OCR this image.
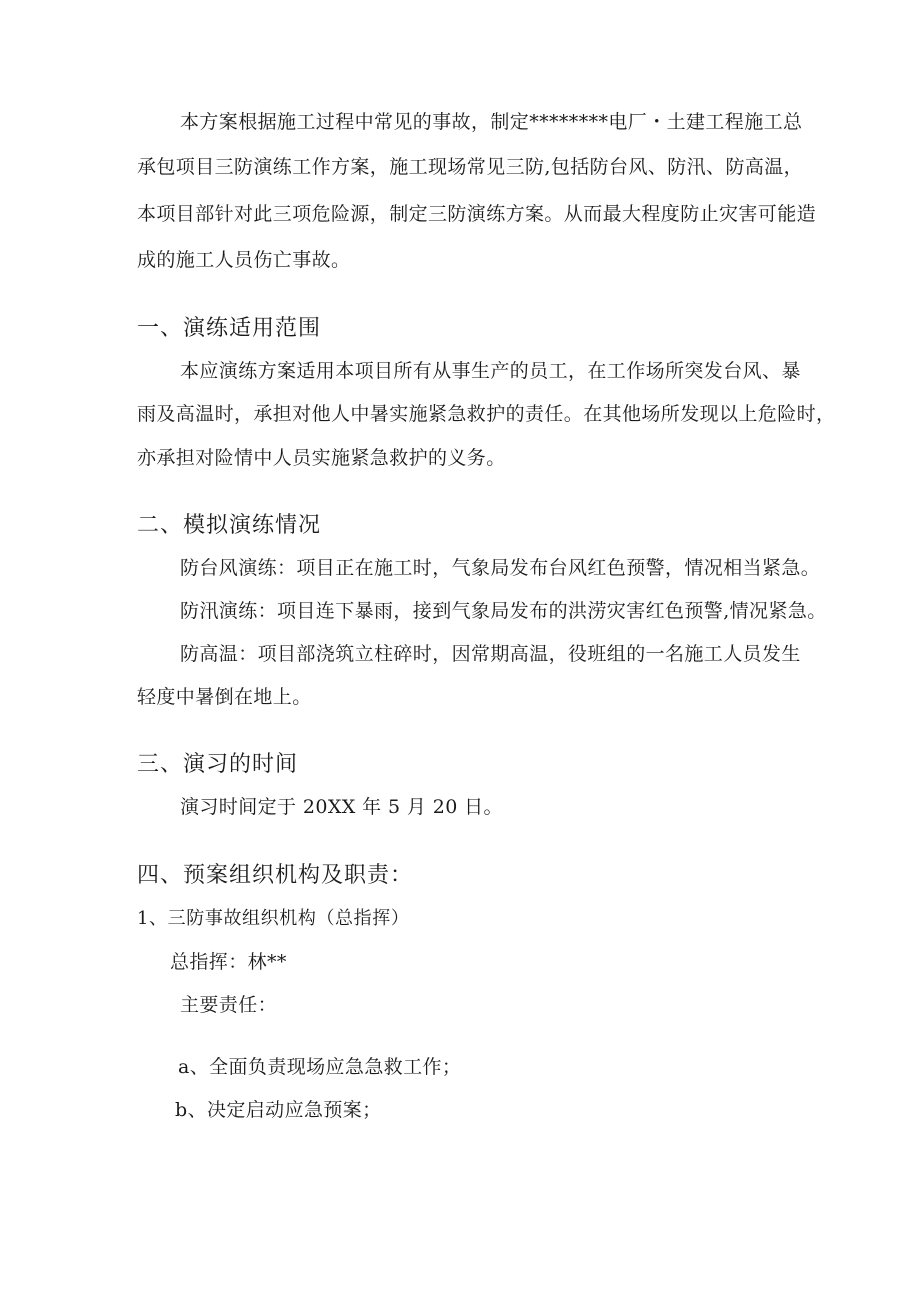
本方案根据施工过程中常见的事故，制定********电厂・土建工程施工总
承包项目三防演练工作方案，施工现场常见三防,包括防台风、防汛、防高温，
本项目部针对此三项危险源，制定三防演练方案。从而最大程度防止灾害可能造
成的施工人员伤亡事故。
一、演练适用范围
本应演练方案适用本项目所有从事生产的员工，在工作场所突发台风、暴
雨及高温时，承担对他人中暑实施紧急救护的责任。在其他场所发现以上危险时，
亦承担对险情中人员实施紧急救护的义务。
二、模拟演练情况
防台风演练：项目正在施工时，气象局发布台风红色预警，情况相当紧急。
防汛演练：项目连下暴雨，接到气象局发布的洪涝灾害红色预警,情况紧急。
防高温：项目部浇筑立柱碎时，因常期高温，役班组的一名施工人员发生
轻度中暑倒在地上。
三、演习的时间
演习时间定于 20XX 年 5 月 20 日。
四、预案组织机构及职责：
1、三防事故组织机构（总指挥）
总指挥：林**
主要责任：
a、全面负责现场应急急救工作；
b、决定启动应急预案；
